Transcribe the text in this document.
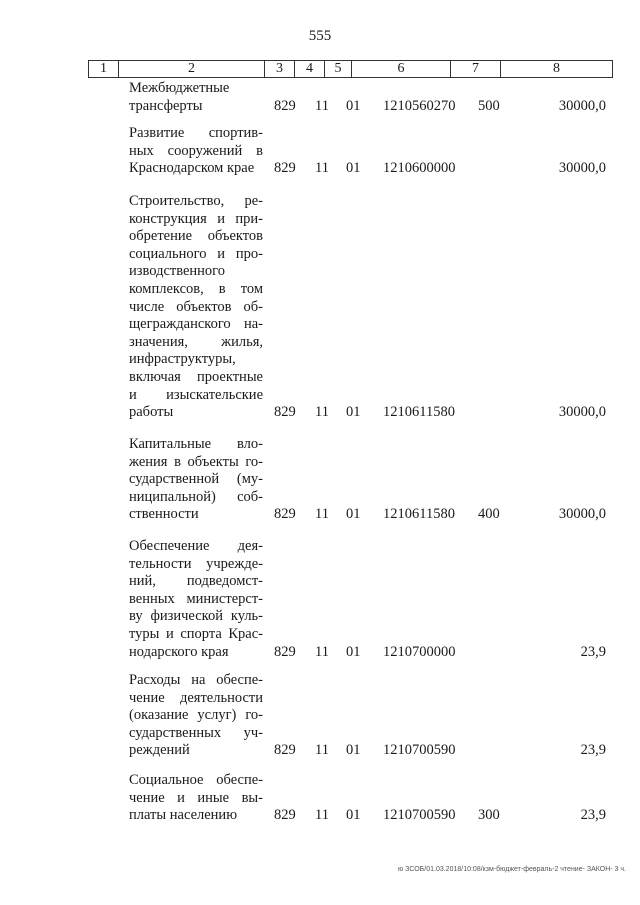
555
1	2	3	4	5	6	7	8
Межбюджетные
трансферты	829 11 01 1210560270 500	30000,0
Развитие спортив-
ных сооружений в
Краснодарском крае	829 11 01 1210600000	30000,0
Строительство, ре-
конструкция и при-
обретение объектов
социального и про-
изводственного
комплексов, в том
числе объектов об-
щегражданского на-
значения, жилья,
инфраструктуры,
включая проектные
и изыскательские
работы	829 11 01 1210611580	30000,0
Капитальные вло-
жения в объекты го-
сударственной (му-
ниципальной) соб-
ственности	829 11 01 1210611580 400	30000,0
Обеспечение дея-
тельности учрежде-
ний, подведомст-
венных министерст-
ву физической куль-
туры и спорта Крас-
нодарского края	829 11 01 1210700000	23,9
Расходы на обеспе-
чение деятельности
(оказание услуг) го-
сударственных уч-
реждений	829 11 01 1210700590	23,9
Социальное обеспе-
чение и иные вы-
платы населению	829 11 01 1210700590 300	23,9
ю ЗСОБ/01.03.2018/10:08/кзм-бюджет-февраль-2 чтение- ЗАКОН- 3 ч.
